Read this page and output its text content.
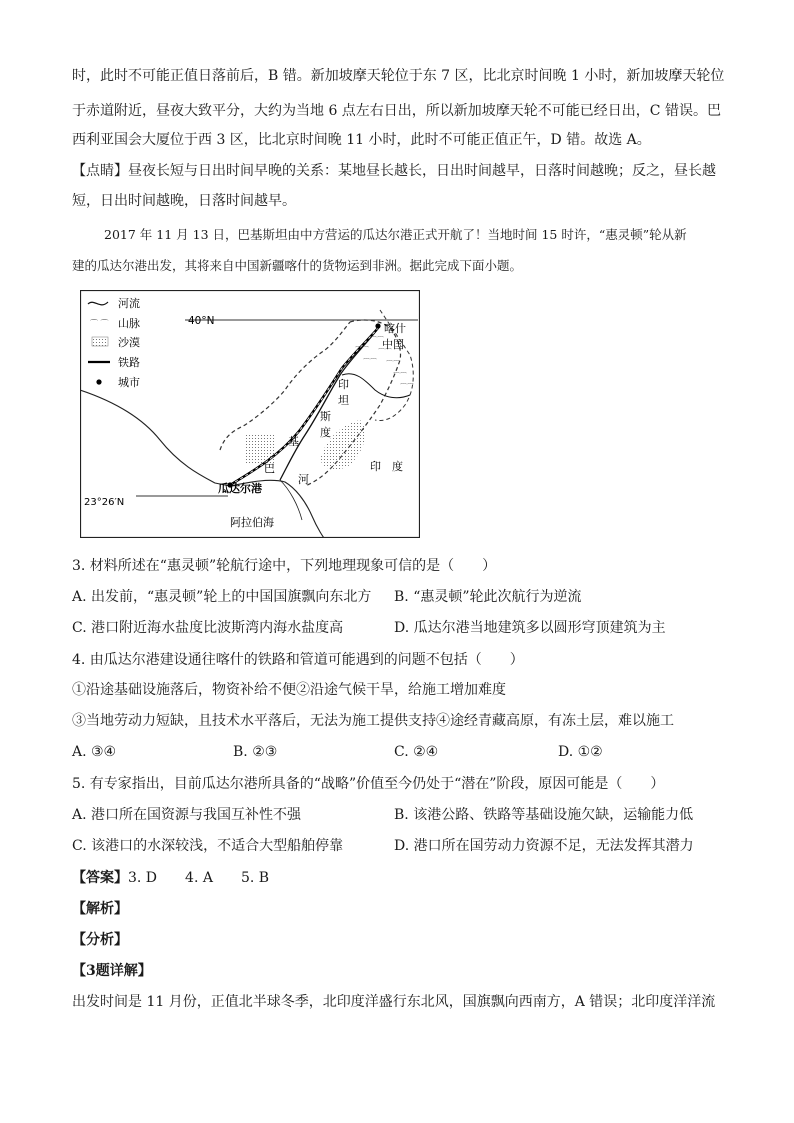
时，此时不可能正值日落前后，B 错。新加坡摩天轮位于东 7 区，比北京时间晚 1 小时，新加坡摩天轮位
于赤道附近，昼夜大致平分，大约为当地 6 点左右日出，所以新加坡摩天轮不可能已经日出，C 错误。巴
西利亚国会大厦位于西 3 区，比北京时间晚 11 小时，此时不可能正值正午，D 错。故选 A。
【点睛】昼夜长短与日出时间早晚的关系：某地昼长越长，日出时间越早，日落时间越晚；反之，昼长越
短，日出时间越晚，日落时间越早。
2017 年 11 月 13 日，巴基斯坦由中方营运的瓜达尔港正式开航了！当地时间 15 时许，“惠灵顿”轮从新
建的瓜达尔港出发，其将来自中国新疆喀什的货物运到非洲。据此完成下面小题。
⌒⌒
⌒⌒
⌒⌒
⌒⌒
⌒⌒
⌒⌒
⌒⌒
河流
⌒ ⌒ 山脉
沙漠
铁路
城市
40°N
喀什
中国
印
坦
斯
度
基
巴
河
印　度
瓜达尔港
23°26′N
阿拉伯海
3. 材料所述在“惠灵顿”轮航行途中，下列地理现象可信的是（　　）
A. 出发前，“惠灵顿”轮上的中国国旗飘向东北方 B. “惠灵顿”轮此次航行为逆流
C. 港口附近海水盐度比波斯湾内海水盐度高	D. 瓜达尔港当地建筑多以圆形穹顶建筑为主
4. 由瓜达尔港建设通往喀什的铁路和管道可能遇到的问题不包括（　　）
①沿途基础设施落后，物资补给不便②沿途气候干旱，给施工增加难度
③当地劳动力短缺，且技术水平落后，无法为施工提供支持④途经青藏高原，有冻土层，难以施工
A. ③④	B. ②③	C. ②④	D. ①②
5. 有专家指出，目前瓜达尔港所具备的“战略”价值至今仍处于“潜在”阶段，原因可能是（　　）
A. 港口所在国资源与我国互补性不强	B. 该港公路、铁路等基础设施欠缺，运输能力低
C. 该港口的水深较浅，不适合大型船舶停靠	D. 港口所在国劳动力资源不足，无法发挥其潜力
【答案】3. D　　4. A　　5. B
【解析】
【分析】
【3题详解】
出发时间是 11 月份，正值北半球冬季，北印度洋盛行东北风，国旗飘向西南方，A 错误；北印度洋洋流
